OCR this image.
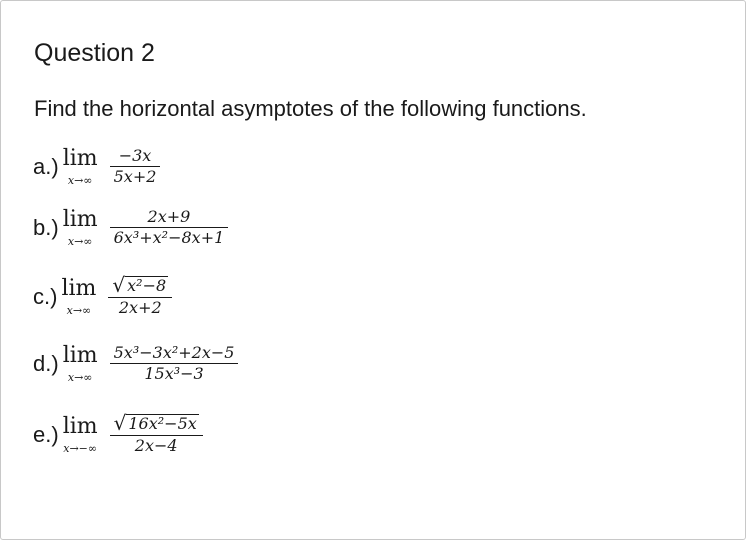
Question 2

Find the horizontal asymptotes of the following functions.

a.) lim
$x\to\infty \frac{-3x}{5x+2}$
b.) lim
$x\to\infty \frac{2x+9}{\text{6x³+x²−8x+1}}$
c.) lim
$x\to\infty \frac{\text{√ x²−8}}{2x+2}$
d.) lim
$x\to\infty \frac{\text{5x³−3x²+2x−5}}{\text{15x³−3}}$
e.) lim
$x\to-\infty \frac{\text{√ 16x²−5x}}{2x-4}$
